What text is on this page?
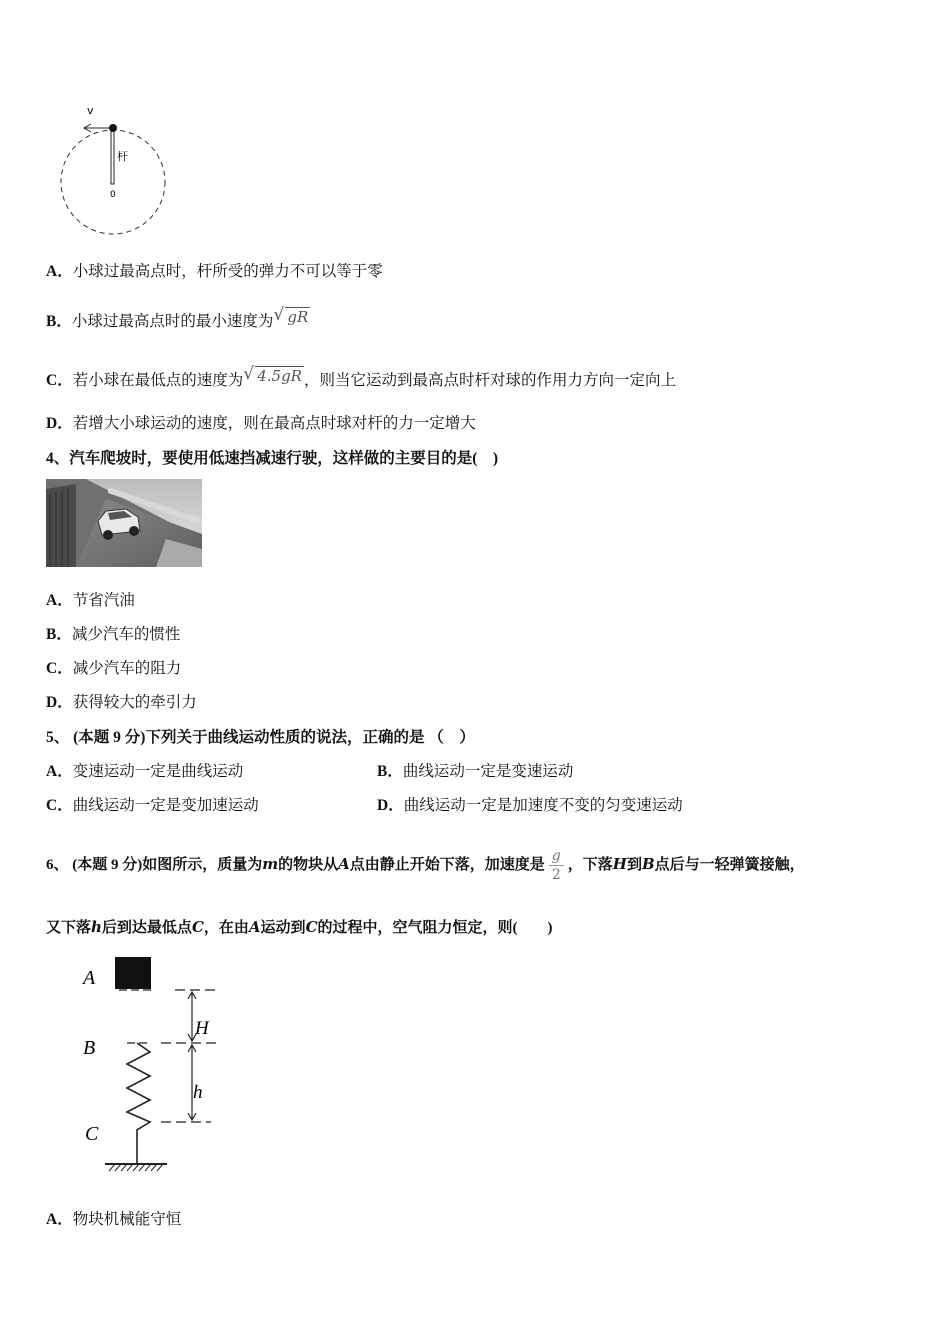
v
杆
0
A．小球过最高点时，杆所受的弹力不可以等于零
B．小球过最高点时的最小速度为 √ gR
C．若小球在最低点的速度为 √ 4.5gR ，则当它运动到最高点时杆对球的作用力方向一定向上
D．若增大小球运动的速度，则在最高点时球对杆的力一定增大
4、汽车爬坡时，要使用低速挡减速行驶，这样做的主要目的是(　)
A．节省汽油
B．减少汽车的惯性
C．减少汽车的阻力
D．获得较大的牵引力
5、 (本题 9 分)下列关于曲线运动性质的说法，正确的是 （　）
A．变速运动一定是曲线运动	B．曲线运动一定是变速运动
C．曲线运动一定是变加速运动	D．曲线运动一定是加速度不变的匀变速运动
6、 (本题 9 分)如图所示，质量为m的物块从A点由静止开始下落，加速度是 $\frac{g}{2}$ ，下落H到B点后与一轻弹簧接触，
又下落h后到达最低点C，在由A运动到C的过程中，空气阻力恒定，则(　　)
A
B
C
H
h
A．物块机械能守恒
